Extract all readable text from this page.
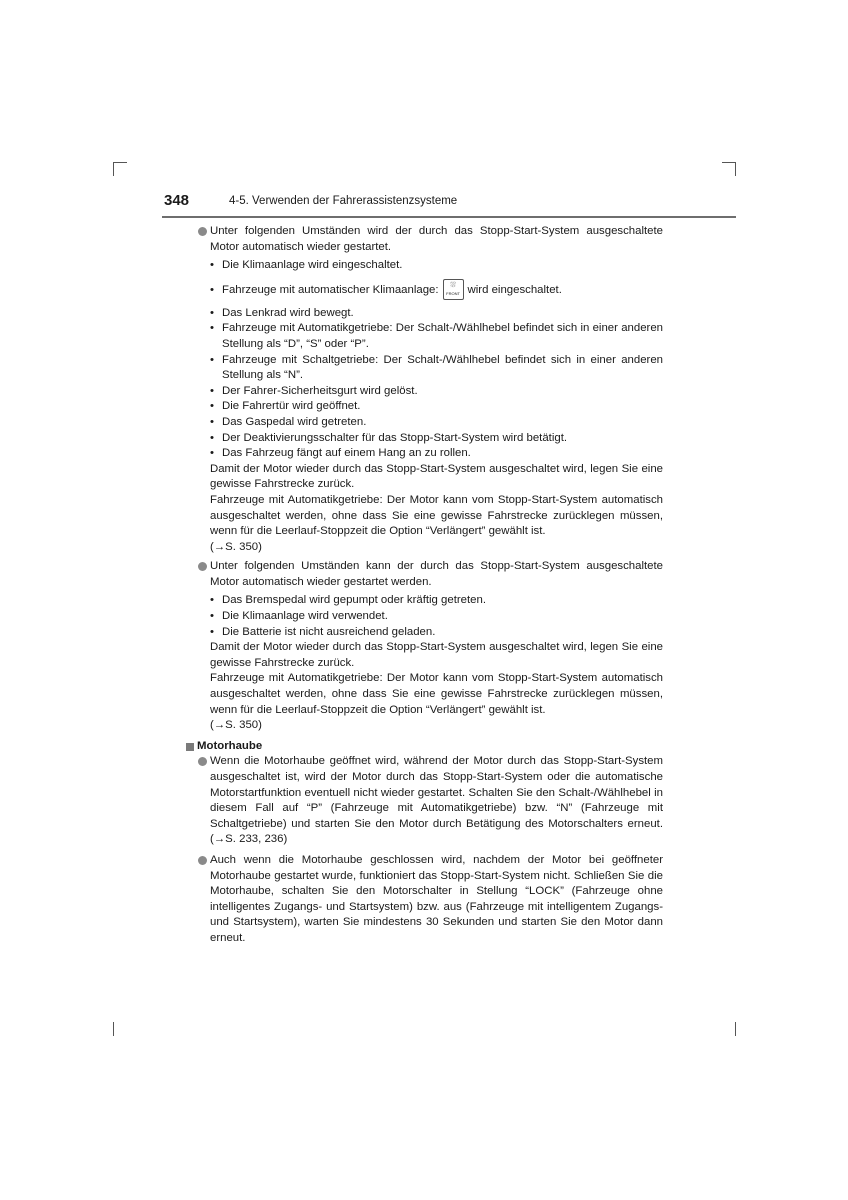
348	4-5. Verwenden der Fahrerassistenzsysteme
Unter folgenden Umständen wird der durch das Stopp-Start-System ausgeschaltete Motor automatisch wieder gestartet.
• Die Klimaanlage wird eingeschaltet.
• Fahrzeuge mit automatischer Klimaanlage:	⛆
FRONT wird eingeschaltet.
• Das Lenkrad wird bewegt.
• Fahrzeuge mit Automatikgetriebe: Der Schalt-/Wählhebel befindet sich in einer anderen Stellung als “D”, “S” oder “P”.
• Fahrzeuge mit Schaltgetriebe: Der Schalt-/Wählhebel befindet sich in einer anderen Stellung als “N”.
• Der Fahrer-Sicherheitsgurt wird gelöst.
• Die Fahrertür wird geöffnet.
• Das Gaspedal wird getreten.
• Der Deaktivierungsschalter für das Stopp-Start-System wird betätigt.
• Das Fahrzeug fängt auf einem Hang an zu rollen.
Damit der Motor wieder durch das Stopp-Start-System ausgeschaltet wird, legen Sie eine gewisse Fahrstrecke zurück.
Fahrzeuge mit Automatikgetriebe: Der Motor kann vom Stopp-Start-System automatisch ausgeschaltet werden, ohne dass Sie eine gewisse Fahrstrecke zurücklegen müssen, wenn für die Leerlauf-Stoppzeit die Option “Verlängert” gewählt ist.
(→S. 350)
Unter folgenden Umständen kann der durch das Stopp-Start-System ausgeschaltete Motor automatisch wieder gestartet werden.
• Das Bremspedal wird gepumpt oder kräftig getreten.
• Die Klimaanlage wird verwendet.
• Die Batterie ist nicht ausreichend geladen.
Damit der Motor wieder durch das Stopp-Start-System ausgeschaltet wird, legen Sie eine gewisse Fahrstrecke zurück.
Fahrzeuge mit Automatikgetriebe: Der Motor kann vom Stopp-Start-System automatisch ausgeschaltet werden, ohne dass Sie eine gewisse Fahrstrecke zurücklegen müssen, wenn für die Leerlauf-Stoppzeit die Option “Verlängert” gewählt ist.
(→S. 350)
Motorhaube
Wenn die Motorhaube geöffnet wird, während der Motor durch das Stopp-Start-System ausgeschaltet ist, wird der Motor durch das Stopp-Start-System oder die automatische Motorstartfunktion eventuell nicht wieder gestartet. Schalten Sie den Schalt-/Wählhebel in diesem Fall auf “P” (Fahrzeuge mit Automatikgetriebe) bzw. “N” (Fahrzeuge mit Schaltgetriebe) und starten Sie den Motor durch Betätigung des Motorschalters erneut. (→S. 233, 236)
Auch wenn die Motorhaube geschlossen wird, nachdem der Motor bei geöffneter Motorhaube gestartet wurde, funktioniert das Stopp-Start-System nicht. Schließen Sie die Motorhaube, schalten Sie den Motorschalter in Stellung “LOCK” (Fahrzeuge ohne intelligentes Zugangs- und Startsystem) bzw. aus (Fahrzeuge mit intelligentem Zugangs- und Startsystem), warten Sie mindestens 30 Sekunden und starten Sie den Motor dann erneut.
